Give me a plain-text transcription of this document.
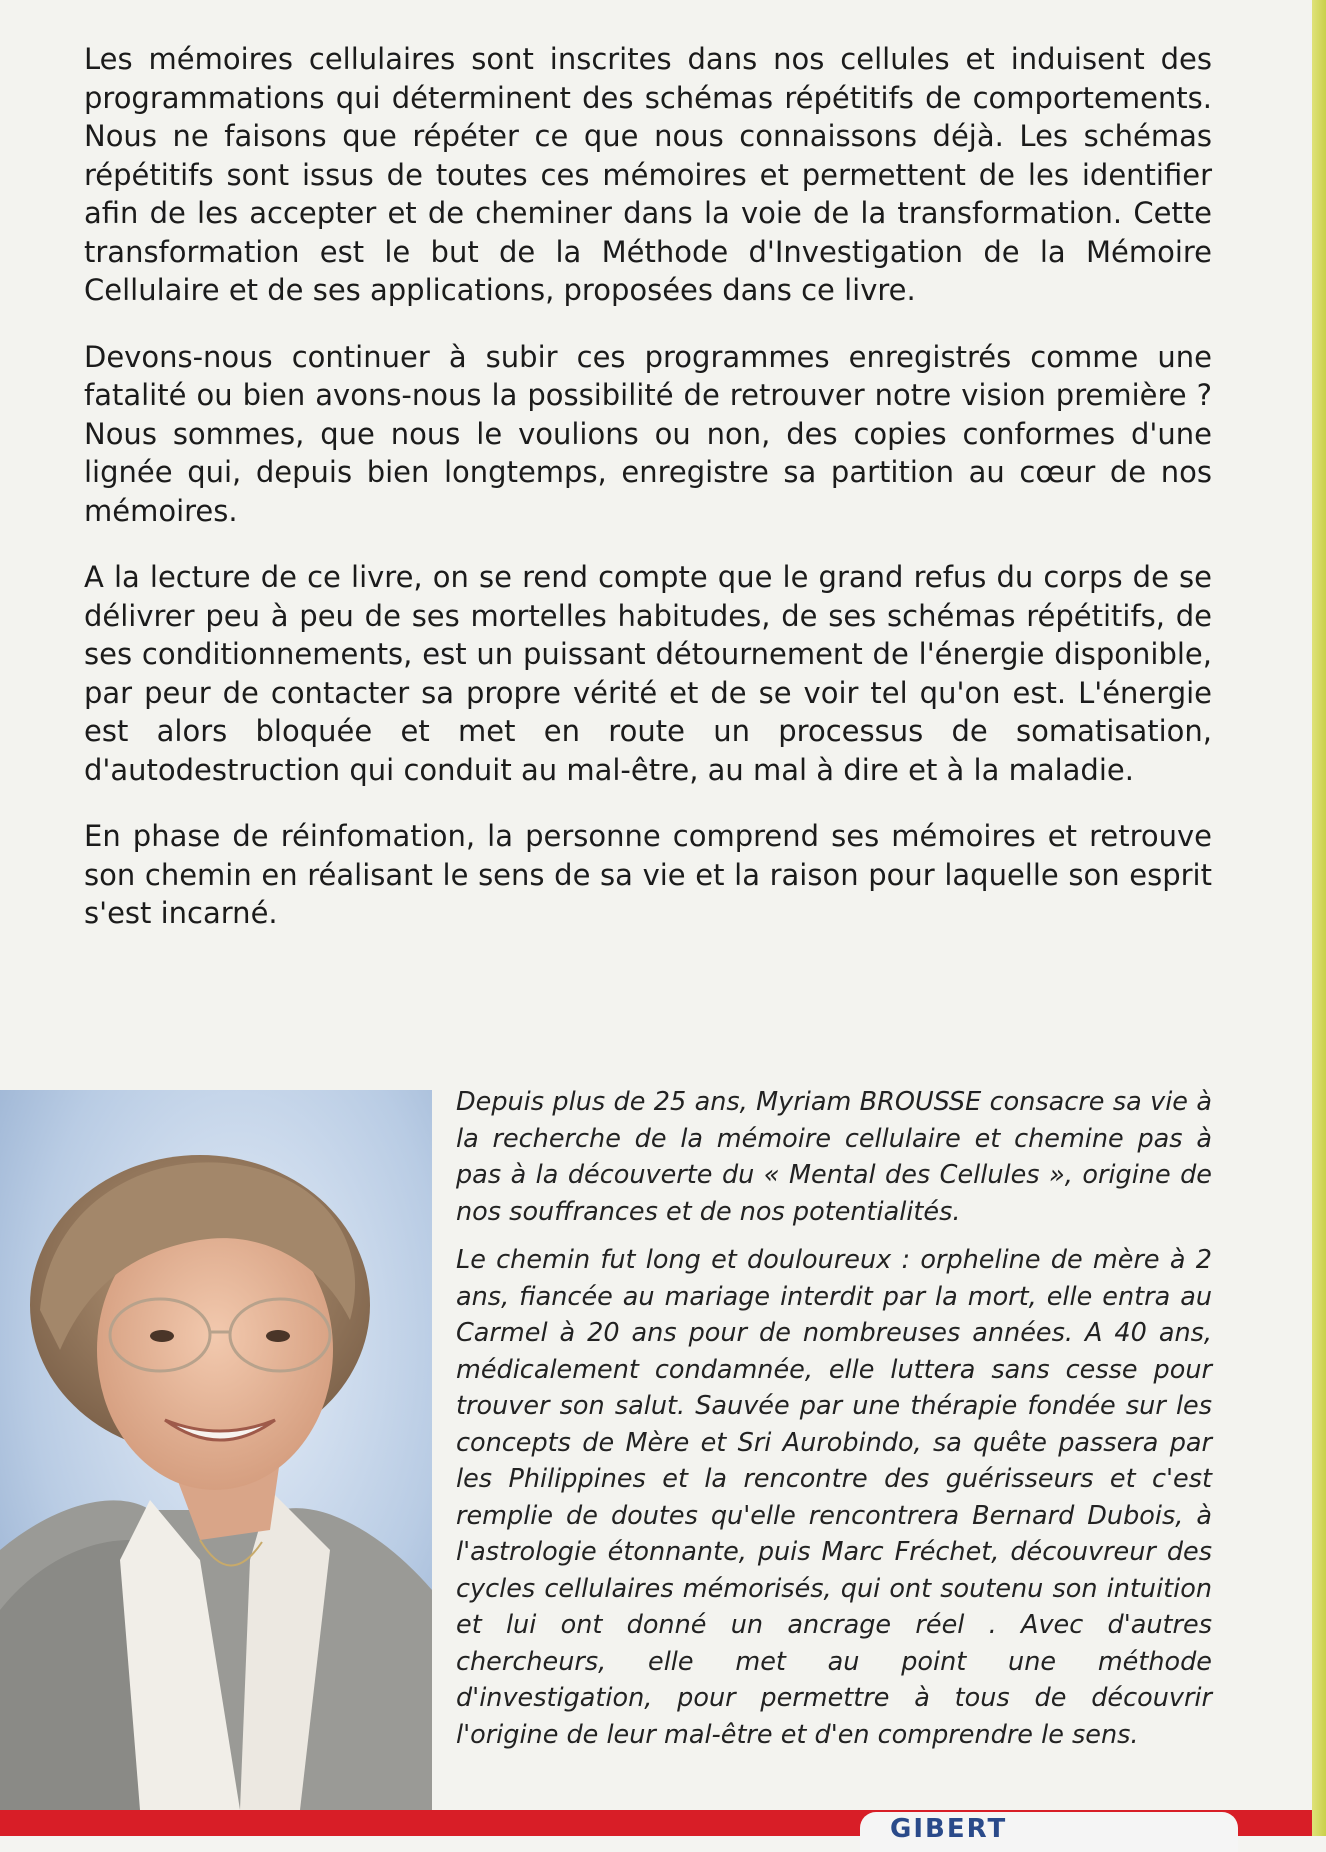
Les mémoires cellulaires sont inscrites dans nos cellules et induisent des programmations qui déterminent des schémas répétitifs de comportements. Nous ne faisons que répéter ce que nous connaissons déjà. Les schémas répétitifs sont issus de toutes ces mémoires et permettent de les identifier afin de les accepter et de cheminer dans la voie de la transformation. Cette transformation est le but de la Méthode d'Investigation de la Mémoire Cellulaire et de ses applications, proposées dans ce livre.

Devons-nous continuer à subir ces programmes enregistrés comme une fatalité ou bien avons-nous la possibilité de retrouver notre vision première ? Nous sommes, que nous le voulions ou non, des copies conformes d'une lignée qui, depuis bien longtemps, enregistre sa partition au cœur de nos mémoires.

A la lecture de ce livre, on se rend compte que le grand refus du corps de se délivrer peu à peu de ses mortelles habitudes, de ses schémas répétitifs, de ses conditionnements, est un puissant détournement de l'énergie disponible, par peur de contacter sa propre vérité et de se voir tel qu'on est. L'énergie est alors bloquée et met en route un processus de somatisation, d'autodestruction qui conduit au mal-être, au mal à dire et à la maladie.

En phase de réinfomation, la personne comprend ses mémoires et retrouve son chemin en réalisant le sens de sa vie et la raison pour laquelle son esprit s'est incarné.

Depuis plus de 25 ans, Myriam BROUSSE consacre sa vie à la recherche de la mémoire cellulaire et chemine pas à pas à la découverte du « Mental des Cellules », origine de nos souffrances et de nos potentialités.

Le chemin fut long et douloureux : orpheline de mère à 2 ans, fiancée au mariage interdit par la mort, elle entra au Carmel à 20 ans pour de nombreuses années. A 40 ans, médicalement condamnée, elle luttera sans cesse pour trouver son salut. Sauvée par une thérapie fondée sur les concepts de Mère et Sri Aurobindo, sa quête passera par les Philippines et la rencontre des guérisseurs et c'est remplie de doutes qu'elle rencontrera Bernard Dubois, à l'astrologie étonnante, puis Marc Fréchet, découvreur des cycles cellulaires mémorisés, qui ont soutenu son intuition et lui ont donné un ancrage réel . Avec d'autres chercheurs, elle met au point une méthode d'investigation, pour permettre à tous de découvrir l'origine de leur mal-être et d'en comprendre le sens.

GIBERT
